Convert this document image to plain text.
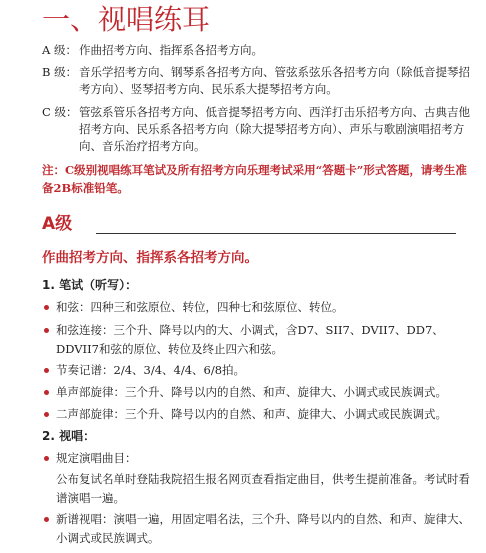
一、视唱练耳
A 级： 作曲招考方向、指挥系各招考方向。
B 级： 音乐学招考方向、钢琴系各招考方向、管弦系弦乐各招考方向（除低音提琴招考方向）、竖琴招考方向、民乐系大提琴招考方向。
C 级： 管弦系管乐各招考方向、低音提琴招考方向、西洋打击乐招考方向、古典吉他招考方向、民乐系各招考方向（除大提琴招考方向）、声乐与歌剧演唱招考方向、音乐治疗招考方向。
注：C级别视唱练耳笔试及所有招考方向乐理考试采用“答题卡”形式答题，请考生准备2B标准铅笔。
A级
作曲招考方向、指挥系各招考方向。
1. 笔试（听写）：
和弦：四种三和弦原位、转位，四种七和弦原位、转位。
和弦连接：三个升、降号以内的大、小调式，含D7、SII7、DVII7、DD7、DDVII7和弦的原位、转位及终止四六和弦。
节奏记谱：2/4、3/4、4/4、6/8拍。
单声部旋律：三个升、降号以内的自然、和声、旋律大、小调式或民族调式。
二声部旋律：三个升、降号以内的自然、和声、旋律大、小调式或民族调式。
2. 视唱：
规定演唱曲目：
公布复试名单时登陆我院招生报名网页查看指定曲目，供考生提前准备。考试时看谱演唱一遍。
新谱视唱：演唱一遍，用固定唱名法，三个升、降号以内的自然、和声、旋律大、小调式或民族调式。
